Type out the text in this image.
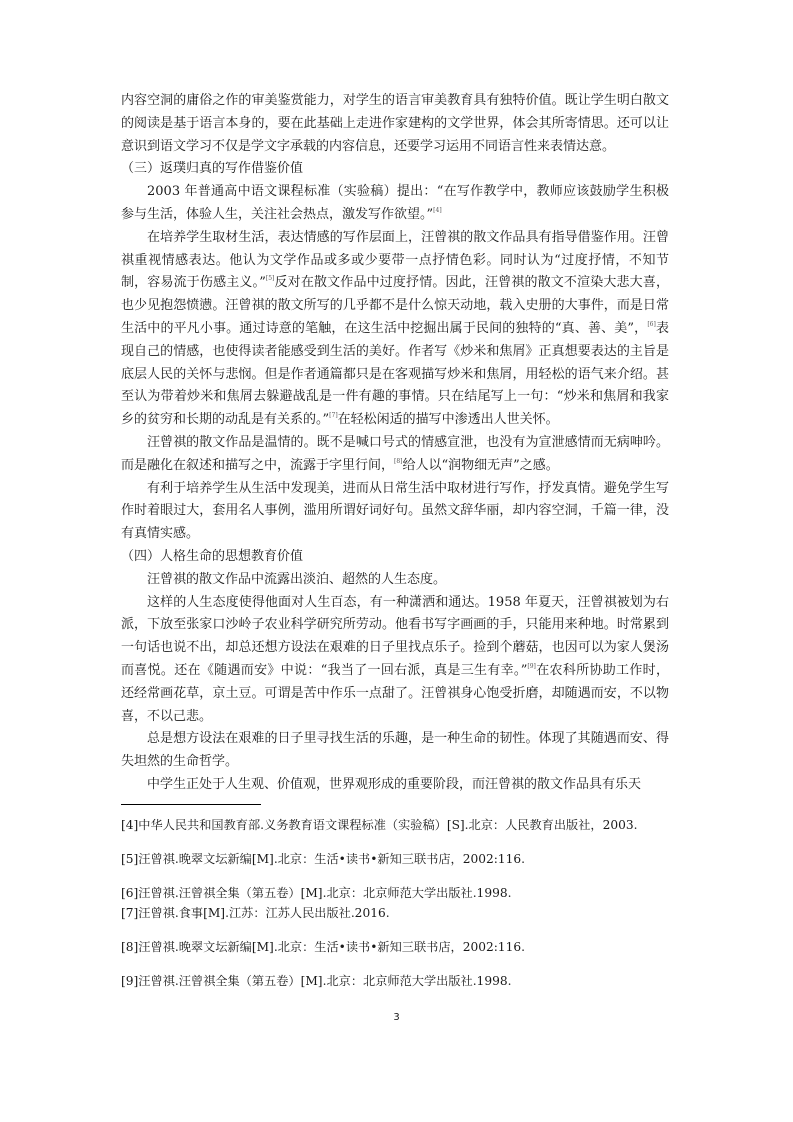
内容空洞的庸俗之作的审美鉴赏能力，对学生的语言审美教育具有独特价值。既让学生明白散文的阅读是基于语言本身的，要在此基础上走进作家建构的文学世界，体会其所寄情思。还可以让意识到语文学习不仅是学文字承载的内容信息，还要学习运用不同语言性来表情达意。

（三）返璞归真的写作借鉴价值

2003 年普通高中语文课程标准（实验稿）提出：“在写作教学中，教师应该鼓励学生积极参与生活，体验人生，关注社会热点，激发写作欲望。”[4]

在培养学生取材生活，表达情感的写作层面上，汪曾祺的散文作品具有指导借鉴作用。汪曾祺重视情感表达。他认为文学作品或多或少要带一点抒情色彩。同时认为“过度抒情，不知节制，容易流于伤感主义。”[5]反对在散文作品中过度抒情。因此，汪曾祺的散文不渲染大悲大喜，也少见抱怨愤懑。汪曾祺的散文所写的几乎都不是什么惊天动地，载入史册的大事件，而是日常生活中的平凡小事。通过诗意的笔触，在这生活中挖掘出属于民间的独特的“真、善、美”，[6]表现自己的情感，也使得读者能感受到生活的美好。作者写《炒米和焦屑》正真想要表达的主旨是底层人民的关怀与悲悯。但是作者通篇都只是在客观描写炒米和焦屑，用轻松的语气来介绍。甚至认为带着炒米和焦屑去躲避战乱是一件有趣的事情。只在结尾写上一句：“炒米和焦屑和我家乡的贫穷和长期的动乱是有关系的。”[7]在轻松闲适的描写中渗透出人世关怀。

汪曾祺的散文作品是温情的。既不是喊口号式的情感宣泄，也没有为宣泄感情而无病呻吟。而是融化在叙述和描写之中，流露于字里行间，[8]给人以“润物细无声”之感。

有利于培养学生从生活中发现美，进而从日常生活中取材进行写作，抒发真情。避免学生写作时着眼过大，套用名人事例，滥用所谓好词好句。虽然文辞华丽，却内容空洞，千篇一律，没有真情实感。

（四）人格生命的思想教育价值

汪曾祺的散文作品中流露出淡泊、超然的人生态度。

这样的人生态度使得他面对人生百态，有一种潇洒和通达。1958 年夏天，汪曾祺被划为右派，下放至张家口沙岭子农业科学研究所劳动。他看书写字画画的手，只能用来种地。时常累到一句话也说不出，却总还想方设法在艰难的日子里找点乐子。捡到个蘑菇，也因可以为家人煲汤而喜悦。还在《随遇而安》中说：“我当了一回右派，真是三生有幸。”[9]在农科所协助工作时，还经常画花草，京土豆。可谓是苦中作乐一点甜了。汪曾祺身心饱受折磨，却随遇而安，不以物喜，不以己悲。

总是想方设法在艰难的日子里寻找生活的乐趣，是一种生命的韧性。体现了其随遇而安、得失坦然的生命哲学。

中学生正处于人生观、价值观，世界观形成的重要阶段，而汪曾祺的散文作品具有乐天

[4]中华人民共和国教育部.义务教育语文课程标准（实验稿）[S].北京：人民教育出版社，2003.

[5]汪曾祺.晚翠文坛新编[M].北京：生活•读书•新知三联书店，2002:116.

[6]汪曾祺.汪曾祺全集（第五卷）[M].北京：北京师范大学出版社.1998.

[7]汪曾祺.食事[M].江苏：江苏人民出版社.2016.

[8]汪曾祺.晚翠文坛新编[M].北京：生活•读书•新知三联书店，2002:116.

[9]汪曾祺.汪曾祺全集（第五卷）[M].北京：北京师范大学出版社.1998.

3
